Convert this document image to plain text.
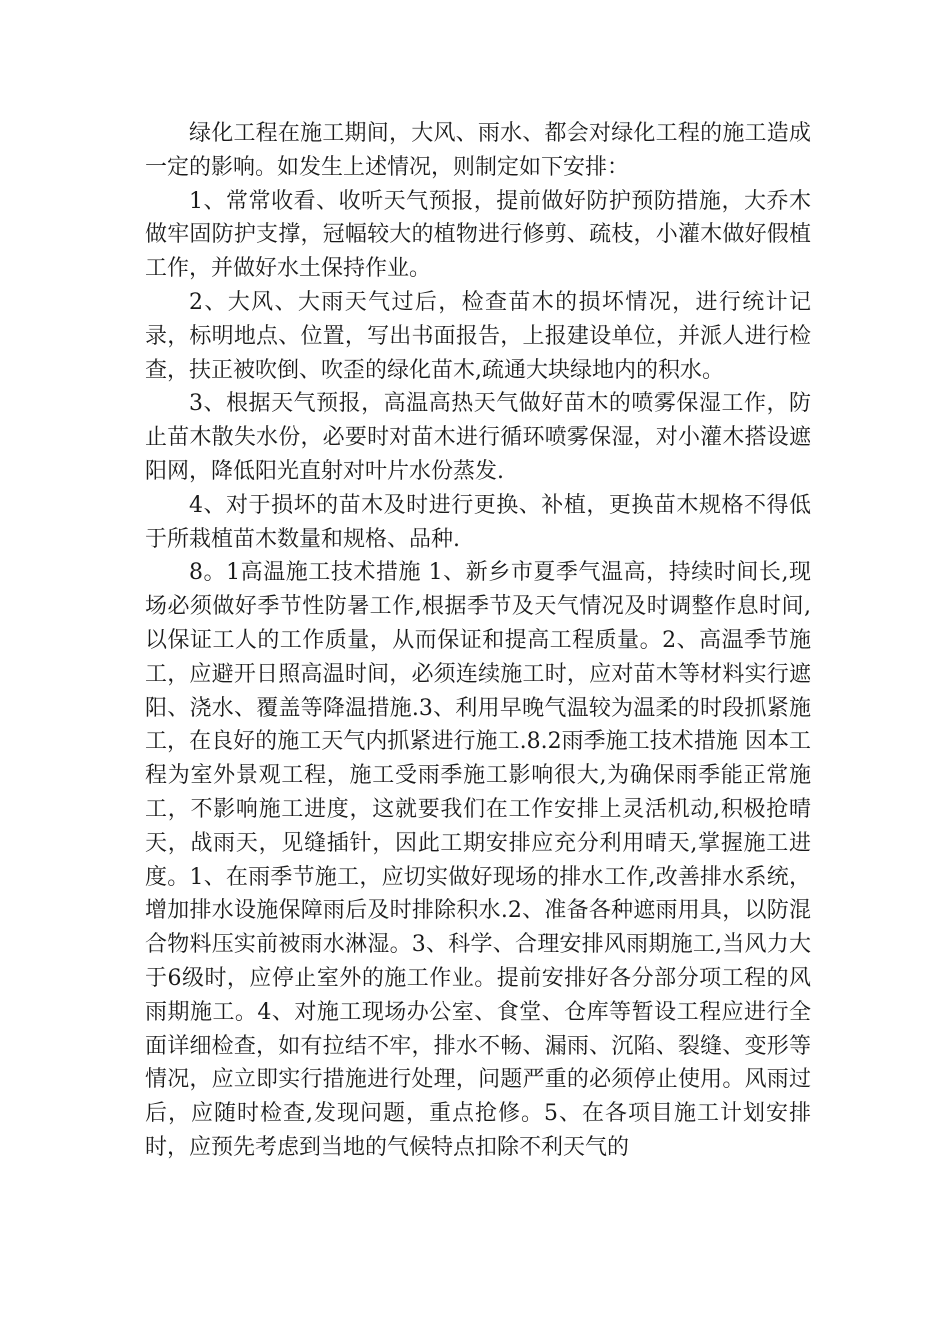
绿化工程在施工期间，大风、雨水、都会对绿化工程的施工造成一定的影响。如发生上述情况，则制定如下安排：

1、常常收看、收听天气预报，提前做好防护预防措施，大乔木做牢固防护支撑，冠幅较大的植物进行修剪、疏枝，小灌木做好假植工作，并做好水土保持作业。

2、大风、大雨天气过后，检查苗木的损坏情况，进行统计记录，标明地点、位置，写出书面报告，上报建设单位，并派人进行检查，扶正被吹倒、吹歪的绿化苗木,疏通大块绿地内的积水。

3、根据天气预报，高温高热天气做好苗木的喷雾保湿工作，防止苗木散失水份，必要时对苗木进行循环喷雾保湿，对小灌木搭设遮阳网，降低阳光直射对叶片水份蒸发.

4、对于损坏的苗木及时进行更换、补植，更换苗木规格不得低于所栽植苗木数量和规格、品种.

8。1高温施工技术措施 1、新乡市夏季气温高，持续时间长,现场必须做好季节性防暑工作,根据季节及天气情况及时调整作息时间,以保证工人的工作质量，从而保证和提高工程质量。2、高温季节施工，应避开日照高温时间，必须连续施工时，应对苗木等材料实行遮阳、浇水、覆盖等降温措施.3、利用早晚气温较为温柔的时段抓紧施工，在良好的施工天气内抓紧进行施工.8.2雨季施工技术措施 因本工程为室外景观工程，施工受雨季施工影响很大,为确保雨季能正常施工，不影响施工进度，这就要我们在工作安排上灵活机动,积极抢晴天，战雨天，见缝插针，因此工期安排应充分利用晴天,掌握施工进度。1、在雨季节施工，应切实做好现场的排水工作,改善排水系统，增加排水设施保障雨后及时排除积水.2、准备各种遮雨用具，以防混合物料压实前被雨水淋湿。3、科学、合理安排风雨期施工,当风力大于6级时，应停止室外的施工作业。提前安排好各分部分项工程的风雨期施工。4、对施工现场办公室、食堂、仓库等暂设工程应进行全面详细检查，如有拉结不牢，排水不畅、漏雨、沉陷、裂缝、变形等情况，应立即实行措施进行处理，问题严重的必须停止使用。风雨过后，应随时检查,发现问题，重点抢修。5、在各项目施工计划安排时，应预先考虑到当地的气候特点扣除不利天气的
